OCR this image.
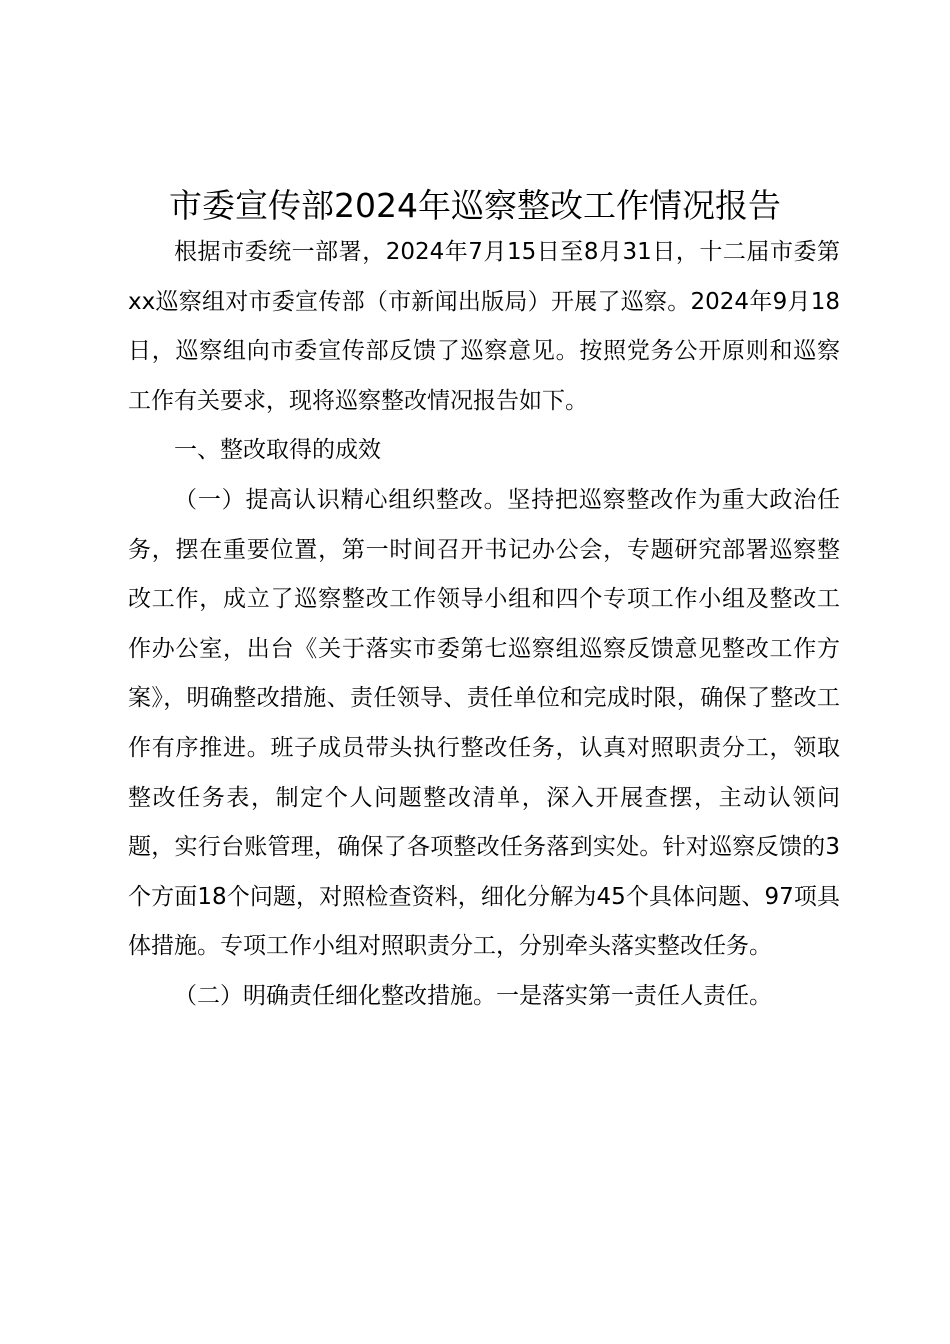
市委宣传部2024年巡察整改工作情况报告

根据市委统一部署，2024年7月15日至8月31日，十二届市委第xx巡察组对市委宣传部（市新闻出版局）开展了巡察。2024年9月18日，巡察组向市委宣传部反馈了巡察意见。按照党务公开原则和巡察工作有关要求，现将巡察整改情况报告如下。

一、整改取得的成效

（一）提高认识精心组织整改。坚持把巡察整改作为重大政治任务，摆在重要位置，第一时间召开书记办公会，专题研究部署巡察整改工作，成立了巡察整改工作领导小组和四个专项工作小组及整改工作办公室，出台《关于落实市委第七巡察组巡察反馈意见整改工作方案》，明确整改措施、责任领导、责任单位和完成时限，确保了整改工作有序推进。班子成员带头执行整改任务，认真对照职责分工，领取整改任务表，制定个人问题整改清单，深入开展查摆，主动认领问题，实行台账管理，确保了各项整改任务落到实处。针对巡察反馈的3个方面18个问题，对照检查资料，细化分解为45个具体问题、97项具体措施。专项工作小组对照职责分工，分别牵头落实整改任务。

（二）明确责任细化整改措施。一是落实第一责任人责任。
